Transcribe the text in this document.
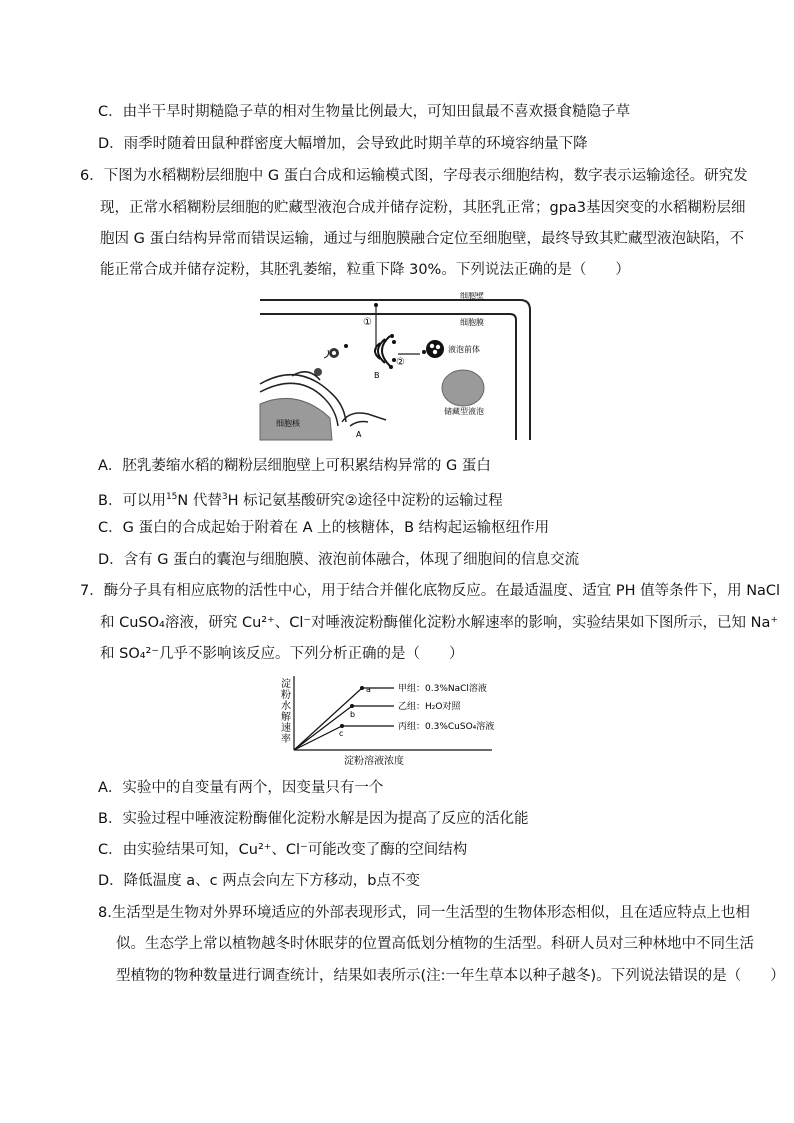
C．由半干旱时期糙隐子草的相对生物量比例最大，可知田鼠最不喜欢摄食糙隐子草
D．雨季时随着田鼠种群密度大幅增加，会导致此时期羊草的环境容纳量下降
6．下图为水稻糊粉层细胞中 G 蛋白合成和运输模式图，字母表示细胞结构，数字表示运输途径。研究发
现，正常水稻糊粉层细胞的贮藏型液泡合成并储存淀粉，其胚乳正常；gpa3基因突变的水稻糊粉层细
胞因 G 蛋白结构异常而错误运输，通过与细胞膜融合定位至细胞壁，最终导致其贮藏型液泡缺陷，不
能正常合成并储存淀粉，其胚乳萎缩，粒重下降 30%。下列说法正确的是（　　）
细胞壁
细胞膜
①
B
②
液泡前体
储藏型液泡
细胞核
A
A．胚乳萎缩水稻的糊粉层细胞壁上可积累结构异常的 G 蛋白
B．可以用$^{15}$N 代替$^3$H 标记氨基酸研究②途径中淀粉的运输过程
C．G 蛋白的合成起始于附着在 A 上的核糖体，B 结构起运输枢纽作用
D．含有 G 蛋白的囊泡与细胞膜、液泡前体融合，体现了细胞间的信息交流
7．酶分子具有相应底物的活性中心，用于结合并催化底物反应。在最适温度、适宜 PH 值等条件下，用 NaCl
和 CuSO₄溶液，研究 Cu²⁺、Cl⁻对唾液淀粉酶催化淀粉水解速率的影响，实验结果如下图所示，已知 Na⁺
和 SO₄²⁻几乎不影响该反应。下列分析正确的是（　　）
淀粉水解速率
淀粉溶液浓度
a	甲组：0.3%NaCl溶液
b
乙组：H₂O对照
c
丙组：0.3%CuSO₄溶液
A．实验中的自变量有两个，因变量只有一个
B．实验过程中唾液淀粉酶催化淀粉水解是因为提高了反应的活化能
C．由实验结果可知，Cu²⁺、Cl⁻可能改变了酶的空间结构
D．降低温度 a、c 两点会向左下方移动，b点不变
8.生活型是生物对外界环境适应的外部表现形式，同一生活型的生物体形态相似，且在适应特点上也相
似。生态学上常以植物越冬时休眠芽的位置高低划分植物的生活型。科研人员对三种林地中不同生活
型植物的物种数量进行调查统计，结果如表所示(注:一年生草本以种子越冬)。下列说法错误的是（　　）
